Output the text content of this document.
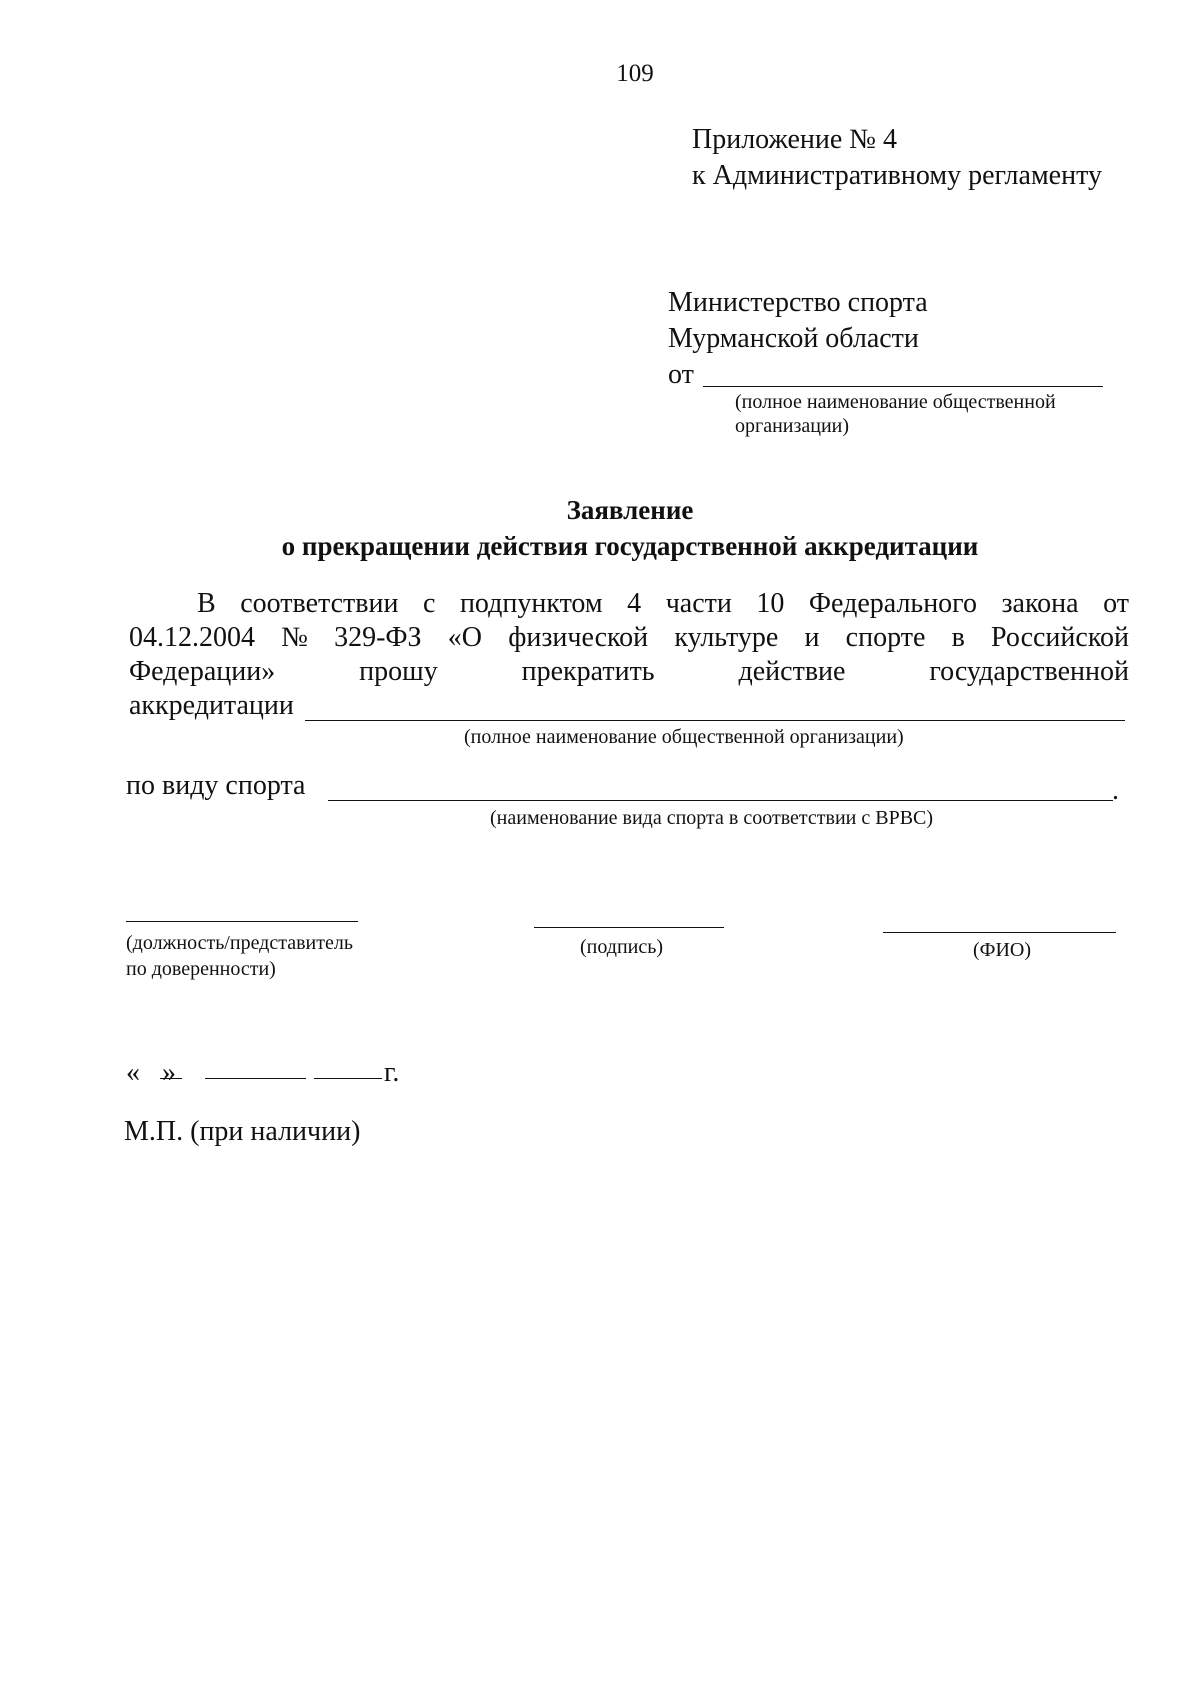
109
Приложение № 4
к Административному регламенту
Министерство спорта
Мурманской области
от
(полное наименование общественной
организации)
Заявление
о прекращении действия государственной аккредитации
В соответствии с подпунктом 4 части 10 Федерального закона от
04.12.2004 № 329-ФЗ «О физической культуре и спорте в Российской
Федерации»	прошу	прекратить	действие	государственной
аккредитации
(полное наименование общественной организации)
по виду спорта	.
(наименование вида спорта в соответствии с ВРВС)
(должность/представитель
по доверенности)
(подпись)	(ФИО)
« »	г.
М.П. (при наличии)
